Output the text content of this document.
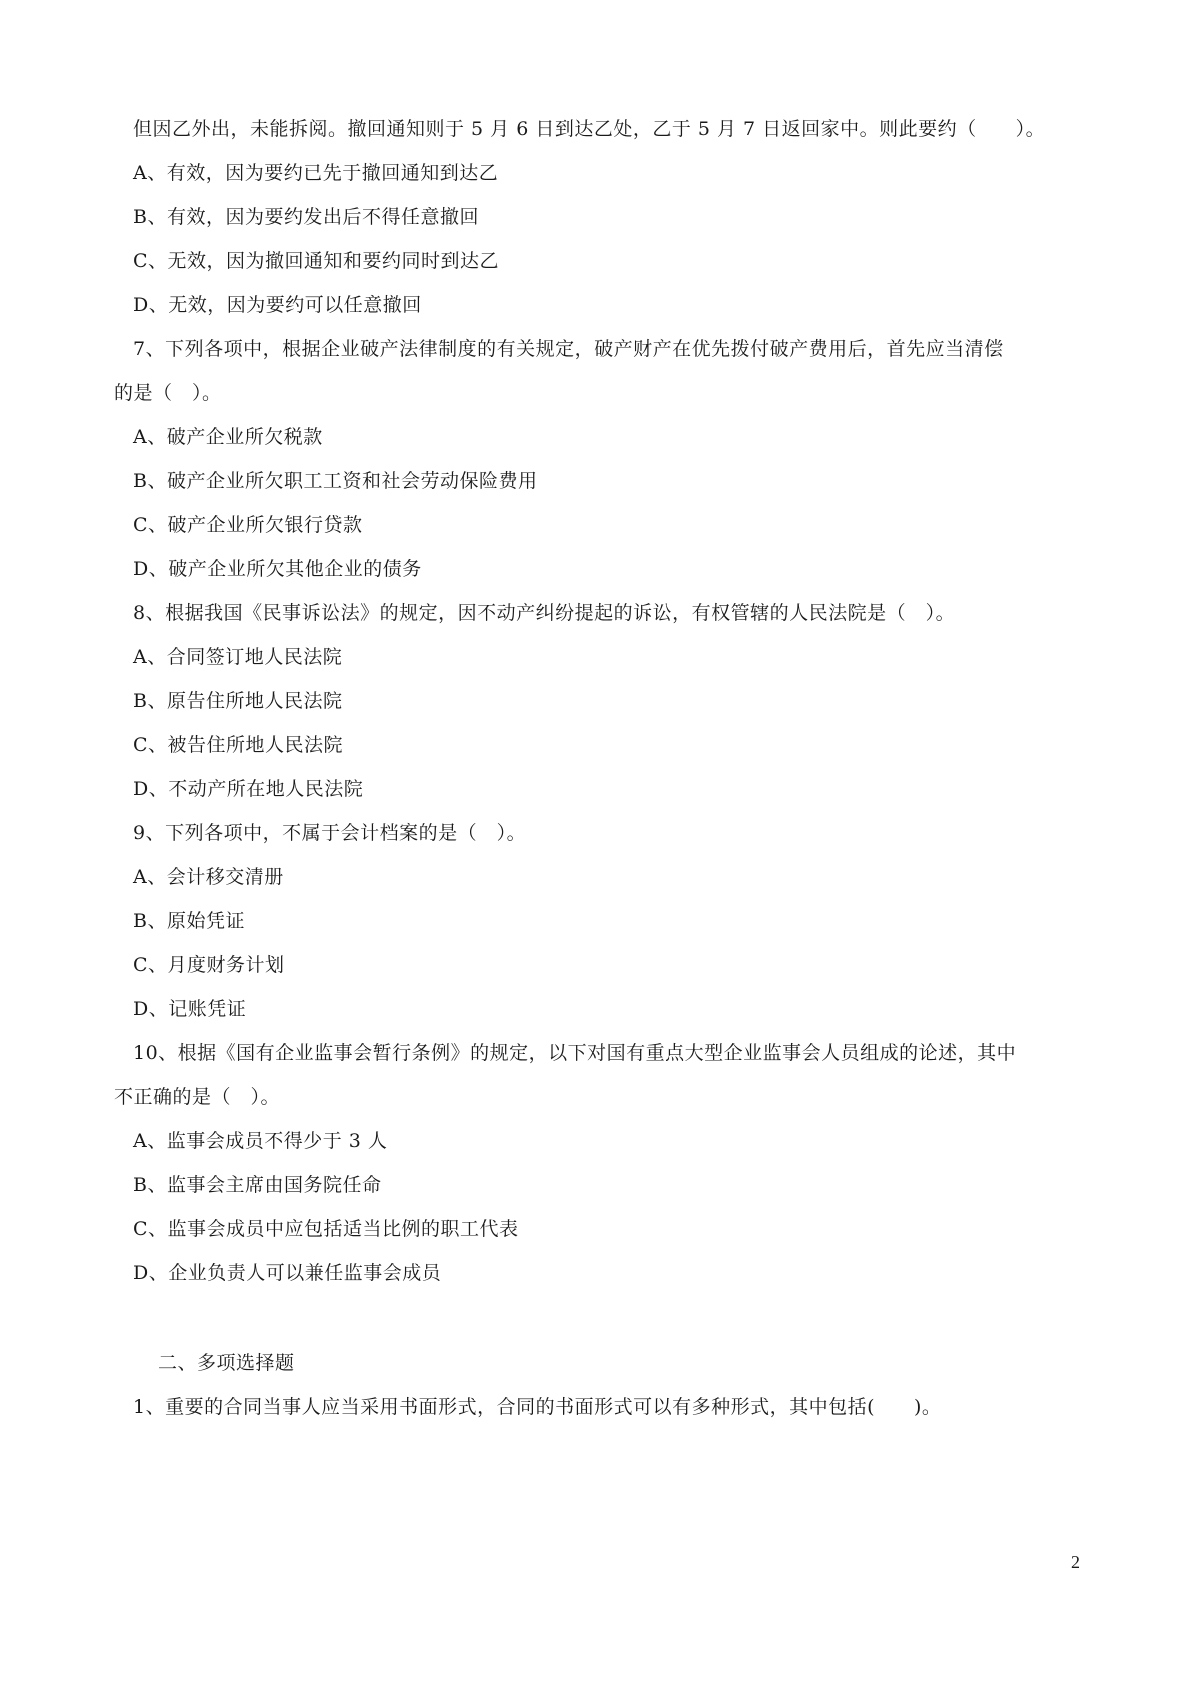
但因乙外出，未能拆阅。撤回通知则于 5 月 6 日到达乙处，乙于 5 月 7 日返回家中。则此要约（　　）。
A、有效，因为要约已先于撤回通知到达乙
B、有效，因为要约发出后不得任意撤回
C、无效，因为撤回通知和要约同时到达乙
D、无效，因为要约可以任意撤回
7、下列各项中，根据企业破产法律制度的有关规定，破产财产在优先拨付破产费用后，首先应当清偿
的是（　）。
A、破产企业所欠税款
B、破产企业所欠职工工资和社会劳动保险费用
C、破产企业所欠银行贷款
D、破产企业所欠其他企业的债务
8、根据我国《民事诉讼法》的规定，因不动产纠纷提起的诉讼，有权管辖的人民法院是（　）。
A、合同签订地人民法院
B、原告住所地人民法院
C、被告住所地人民法院
D、不动产所在地人民法院
9、下列各项中，不属于会计档案的是（　）。
A、会计移交清册
B、原始凭证
C、月度财务计划
D、记账凭证
10、根据《国有企业监事会暂行条例》的规定，以下对国有重点大型企业监事会人员组成的论述，其中
不正确的是（　）。
A、监事会成员不得少于 3 人
B、监事会主席由国务院任命
C、监事会成员中应包括适当比例的职工代表
D、企业负责人可以兼任监事会成员
二、多项选择题
1、重要的合同当事人应当采用书面形式，合同的书面形式可以有多种形式，其中包括(　　)。
2
